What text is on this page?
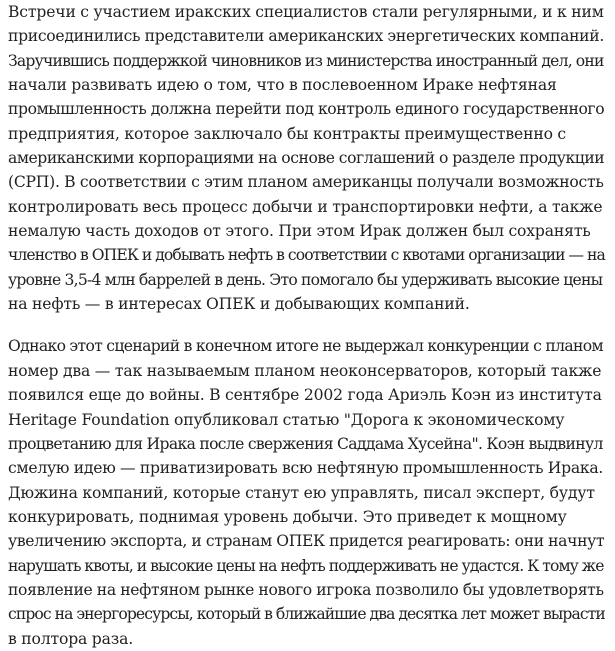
Встречи с участием иракских специалистов стали регулярными, и к ним
присоединились представители американских энергетических компаний.
Заручившись поддержкой чиновников из министерства иностранный дел, они
начали развивать идею о том, что в послевоенном Ираке нефтяная
промышленность должна перейти под контроль единого государственного
предприятия, которое заключало бы контракты преимущественно с
американскими корпорациями на основе соглашений о разделе продукции
(СРП). В соответствии с этим планом американцы получали возможность
контролировать весь процесс добычи и транспортировки нефти, а также
немалую часть доходов от этого. При этом Ирак должен был сохранять
членство в ОПЕК и добывать нефть в соответствии с квотами организации — на
уровне 3,5-4 млн баррелей в день. Это помогало бы удерживать высокие цены
на нефть — в интересах ОПЕК и добывающих компаний.

Однако этот сценарий в конечном итоге не выдержал конкуренции с планом
номер два — так называемым планом неоконсерваторов, который также
появился еще до войны. В сентябре 2002 года Ариэль Коэн из института
Heritage Foundation опубликовал статью "Дорога к экономическому
процветанию для Ирака после свержения Саддама Хусейна". Коэн выдвинул
смелую идею — приватизировать всю нефтяную промышленность Ирака.
Дюжина компаний, которые станут ею управлять, писал эксперт, будут
конкурировать, поднимая уровень добычи. Это приведет к мощному
увеличению экспорта, и странам ОПЕК придется реагировать: они начнут
нарушать квоты, и высокие цены на нефть поддерживать не удастся. К тому же
появление на нефтяном рынке нового игрока позволило бы удовлетворять
спрос на энергоресурсы, который в ближайшие два десятка лет может вырасти
в полтора раза.
